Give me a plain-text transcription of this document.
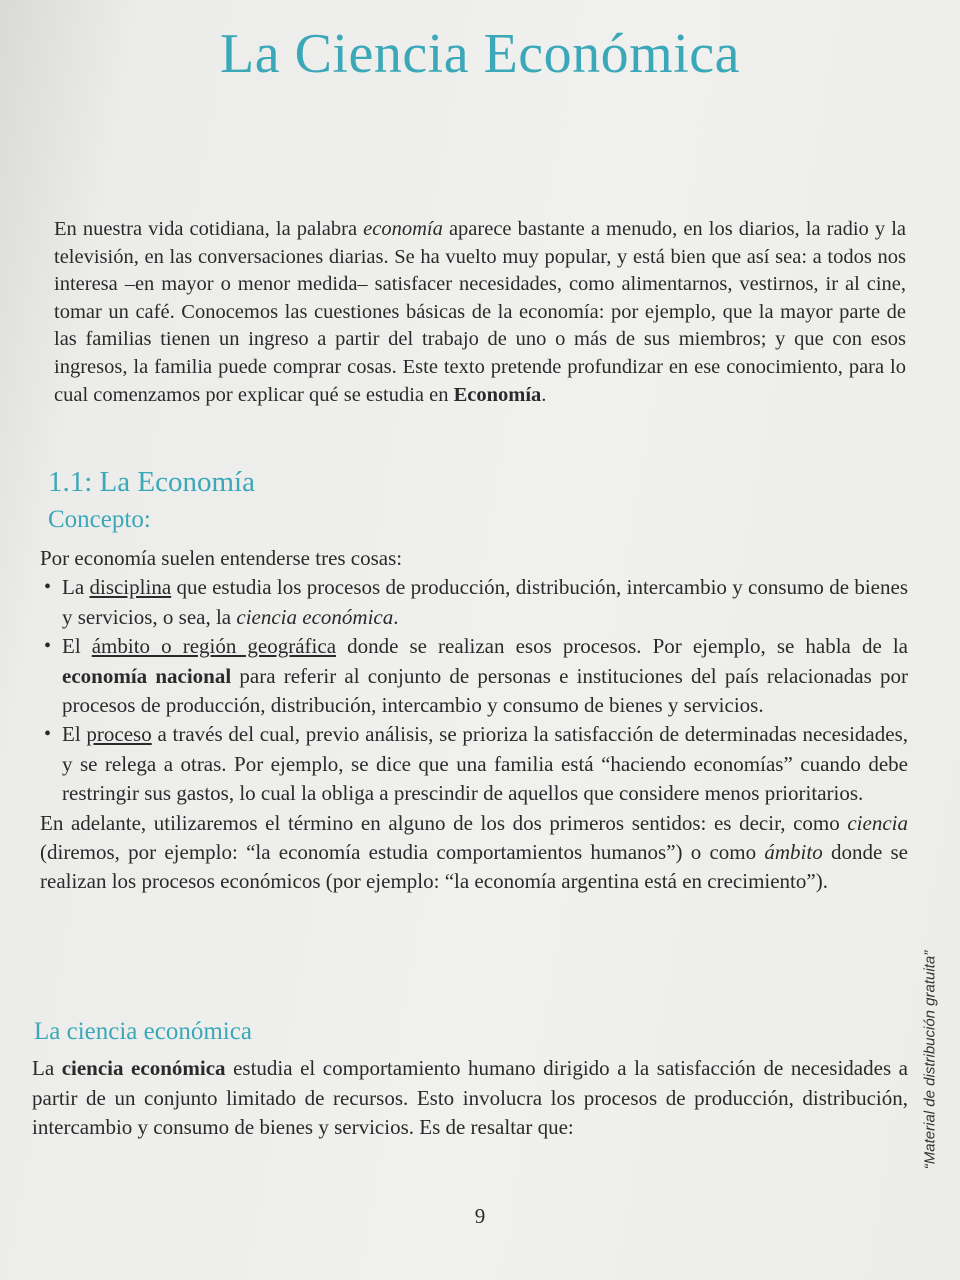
La Ciencia Económica
En nuestra vida cotidiana, la palabra economía aparece bastante a menudo, en los diarios, la radio y la televisión, en las conversaciones diarias. Se ha vuelto muy popular, y está bien que así sea: a todos nos interesa –en mayor o menor medida– satisfacer necesidades, como alimentarnos, vestirnos, ir al cine, tomar un café. Conocemos las cuestiones básicas de la economía: por ejemplo, que la mayor parte de las familias tienen un ingreso a partir del trabajo de uno o más de sus miembros; y que con esos ingresos, la familia puede comprar cosas. Este texto pretende profundizar en ese conocimiento, para lo cual comenzamos por explicar qué se estudia en Economía.
1.1: La Economía
Concepto:

Por economía suelen entenderse tres cosas:

• La disciplina que estudia los procesos de producción, distribución, intercambio y consumo de bienes y servicios, o sea, la ciencia económica.
• El ámbito o región geográfica donde se realizan esos procesos. Por ejemplo, se habla de la economía nacional para referir al conjunto de personas e instituciones del país relacionadas por procesos de producción, distribución, intercambio y consumo de bienes y servicios.
• El proceso a través del cual, previo análisis, se prioriza la satisfacción de determinadas necesidades, y se relega a otras. Por ejemplo, se dice que una familia está “haciendo economías” cuando debe restringir sus gastos, lo cual la obliga a prescindir de aquellos que considere menos prioritarios.

En adelante, utilizaremos el término en alguno de los dos primeros sentidos: es decir, como ciencia (diremos, por ejemplo: “la economía estudia comportamientos humanos”) o como ámbito donde se realizan los procesos económicos (por ejemplo: “la economía argentina está en crecimiento”).

La ciencia económica
La ciencia económica estudia el comportamiento humano dirigido a la satisfacción de necesidades a partir de un conjunto limitado de recursos. Esto involucra los procesos de producción, distribución, intercambio y consumo de bienes y servicios. Es de resaltar que:
9
“Material de distribución gratuita”
